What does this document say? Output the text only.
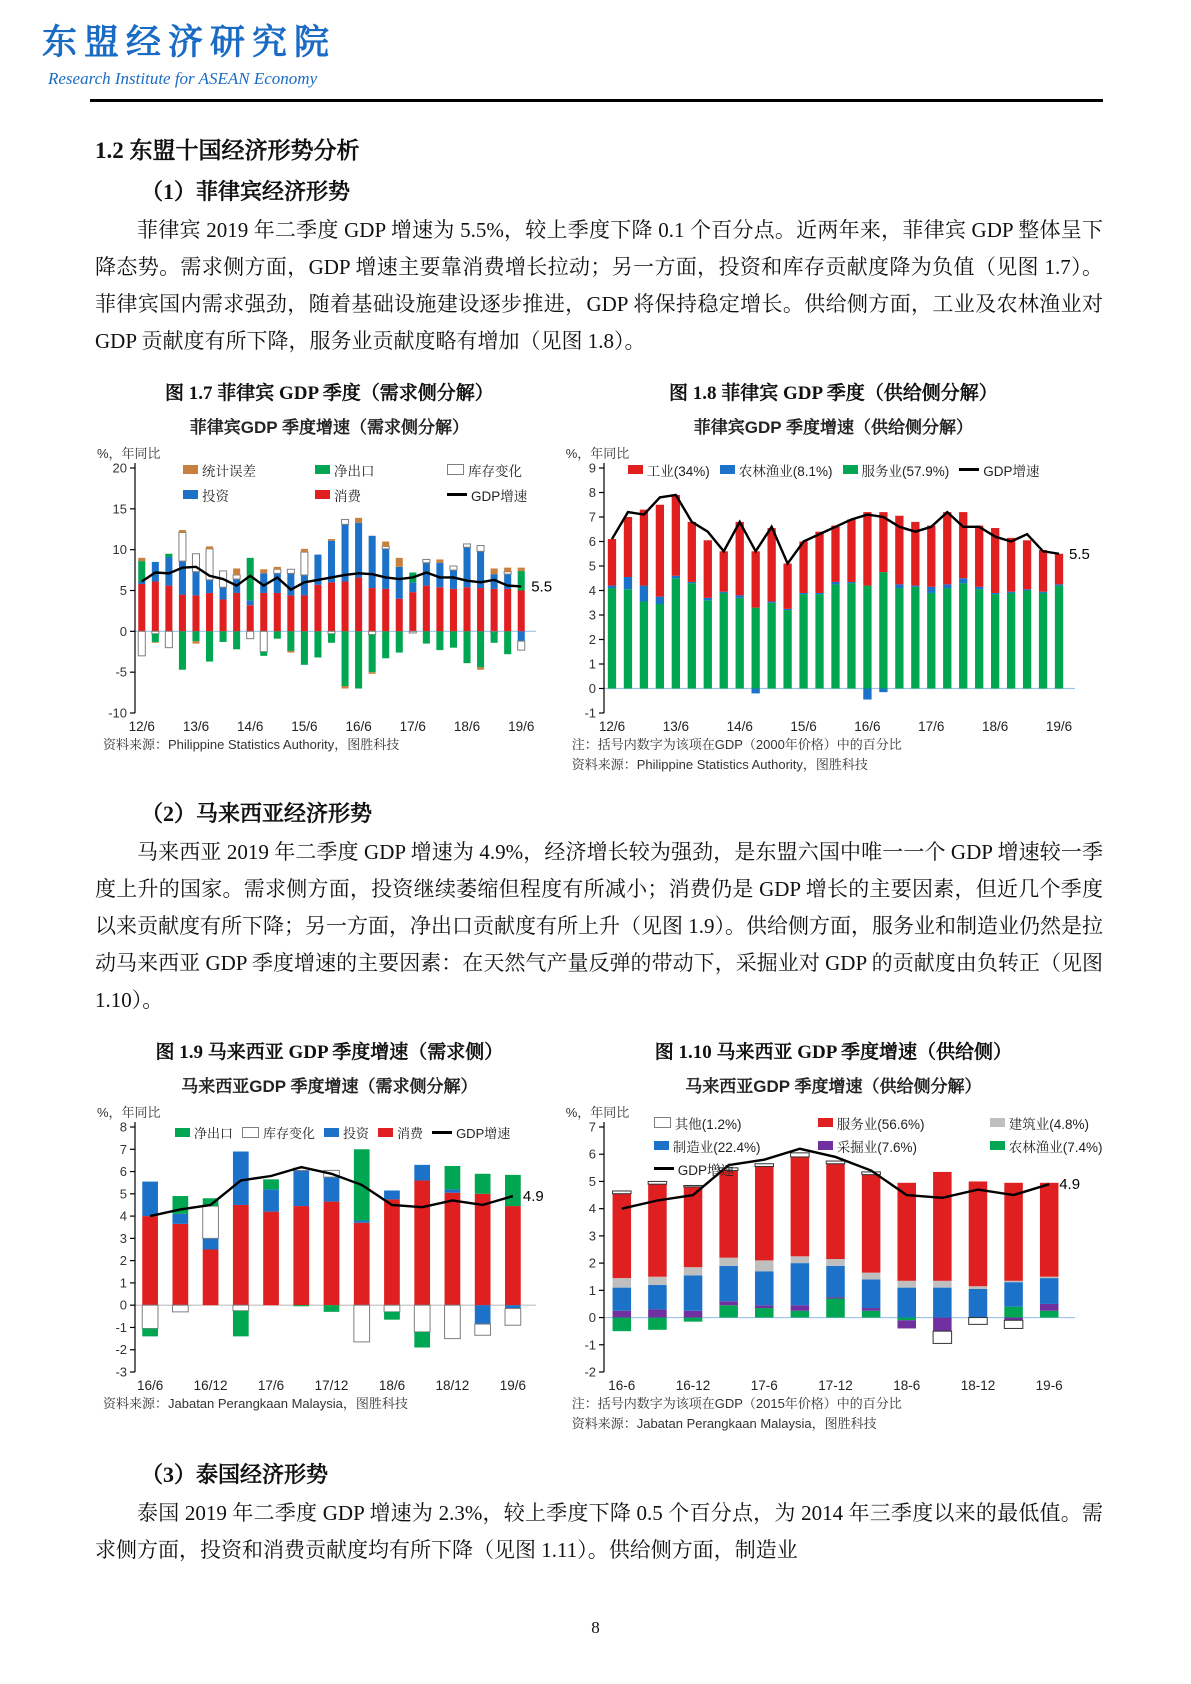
东盟经济研究院
Research Institute for ASEAN Economy
1.2 东盟十国经济形势分析
（1）菲律宾经济形势

菲律宾 2019 年二季度 GDP 增速为 5.5%，较上季度下降 0.1 个百分点。近两年来，菲律宾 GDP 整体呈下降态势。需求侧方面，GDP 增速主要靠消费增长拉动；另一方面，投资和库存贡献度降为负值（见图 1.7）。菲律宾国内需求强劲，随着基础设施建设逐步推进，GDP 将保持稳定增长。供给侧方面，工业及农林渔业对 GDP 贡献度有所下降，服务业贡献度略有增加（见图 1.8）。

图 1.7 菲律宾 GDP 季度（需求侧分解）
菲律宾GDP 季度增速（需求侧分解）
统计误差	净出口	库存变化
投资	消费	GDP增速
%，年同比
-10
-5
0
5
10
15
20
12/6 13/6 14/6 15/6 16/6 17/6 18/6 19/6
5.5
资料来源：Philippine Statistics Authority，图胜科技
图 1.8 菲律宾 GDP 季度（供给侧分解）
菲律宾GDP 季度增速（供给侧分解）
工业(34%) 农林渔业(8.1%) 服务业(57.9%)	GDP增速
%，年同比
-1
0
1
2
3
4
5
6
7
8
9
12/6	13/6	14/6	15/6	16/6	17/6	18/6	19/6
5.5
注：括号内数字为该项在GDP（2000年价格）中的百分比
资料来源：Philippine Statistics Authority，图胜科技
（2）马来西亚经济形势

马来西亚 2019 年二季度 GDP 增速为 4.9%，经济增长较为强劲，是东盟六国中唯一一个 GDP 增速较一季度上升的国家。需求侧方面，投资继续萎缩但程度有所减小；消费仍是 GDP 增长的主要因素，但近几个季度以来贡献度有所下降；另一方面，净出口贡献度有所上升（见图 1.9）。供给侧方面，服务业和制造业仍然是拉动马来西亚 GDP 季度增速的主要因素：在天然气产量反弹的带动下，采掘业对 GDP 的贡献度由负转正（见图 1.10）。

图 1.9 马来西亚 GDP 季度增速（需求侧）
马来西亚GDP 季度增速（需求侧分解）
净出口 库存变化 投资 消费	GDP增速
%，年同比
-3
-2
-1
0
1
2
3
4
5
6
7
8
16/6 16/12 17/6 17/12 18/6 18/12 19/6
4.9
资料来源：Jabatan Perangkaan Malaysia，图胜科技
图 1.10 马来西亚 GDP 季度增速（供给侧）
马来西亚GDP 季度增速（供给侧分解）
其他(1.2%)	服务业(56.6%)	建筑业(4.8%)
制造业(22.4%)	采掘业(7.6%)	农林渔业(7.4%)
GDP增速
%，年同比
-2
-1
0
1
2
3
4
5
6
7
16-6	16-12	17-6	17-12	18-6	18-12	19-6
4.9
注：括号内数字为该项在GDP（2015年价格）中的百分比
资料来源：Jabatan Perangkaan Malaysia，图胜科技
（3）泰国经济形势

泰国 2019 年二季度 GDP 增速为 2.3%，较上季度下降 0.5 个百分点，为 2014 年三季度以来的最低值。需求侧方面，投资和消费贡献度均有所下降（见图 1.11）。供给侧方面，制造业

8
